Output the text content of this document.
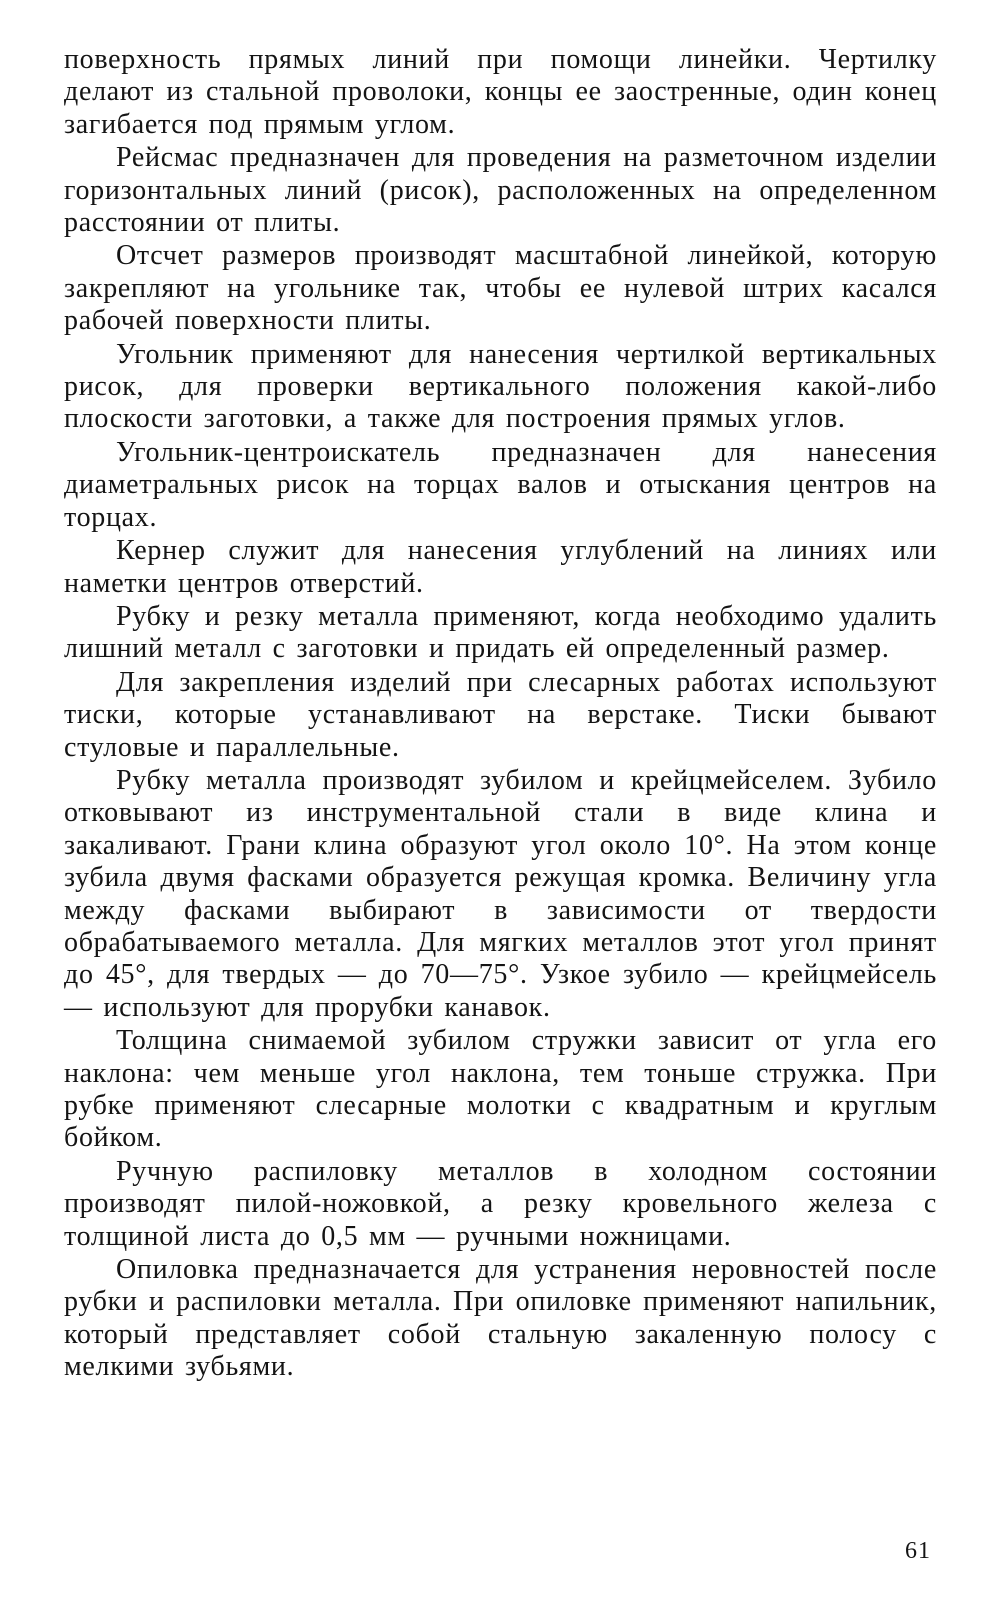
поверхность прямых линий при помощи линейки. Чертилку делают из стальной проволоки, концы ее заостренные, один конец загибается под прямым углом.

Рейсмас предназначен для проведения на разметочном изделии горизонтальных линий (рисок), расположенных на определенном расстоянии от плиты.

Отсчет размеров производят масштабной линейкой, которую закрепляют на угольнике так, чтобы ее нулевой штрих касался рабочей поверхности плиты.

Угольник применяют для нанесения чертилкой вертикальных рисок, для проверки вертикального положения какой-либо плоскости заготовки, а также для построения прямых углов.

Угольник-центроискатель предназначен для нанесения диаметральных рисок на торцах валов и отыскания центров на торцах.

Кернер служит для нанесения углублений на линиях или наметки центров отверстий.

Рубку и резку металла применяют, когда необходимо удалить лишний металл с заготовки и придать ей определенный размер.

Для закрепления изделий при слесарных работах используют тиски, которые устанавливают на верстаке. Тиски бывают стуловые и параллельные.

Рубку металла производят зубилом и крейцмейселем. Зубило отковывают из инструментальной стали в виде клина и закаливают. Грани клина образуют угол около 10°. На этом конце зубила двумя фасками образуется режущая кромка. Величину угла между фасками выбирают в зависимости от твердости обрабатываемого металла. Для мягких металлов этот угол принят до 45°, для твердых — до 70—75°. Узкое зубило — крейцмейсель — используют для прорубки канавок.

Толщина снимаемой зубилом стружки зависит от угла его наклона: чем меньше угол наклона, тем тоньше стружка. При рубке применяют слесарные молотки с квадратным и круглым бойком.

Ручную распиловку металлов в холодном состоянии производят пилой-ножовкой, а резку кровельного железа с толщиной листа до 0,5 мм — ручными ножницами.

Опиловка предназначается для устранения неровностей после рубки и распиловки металла. При опиловке применяют напильник, который представляет собой стальную закаленную полосу с мелкими зубьями.

61
